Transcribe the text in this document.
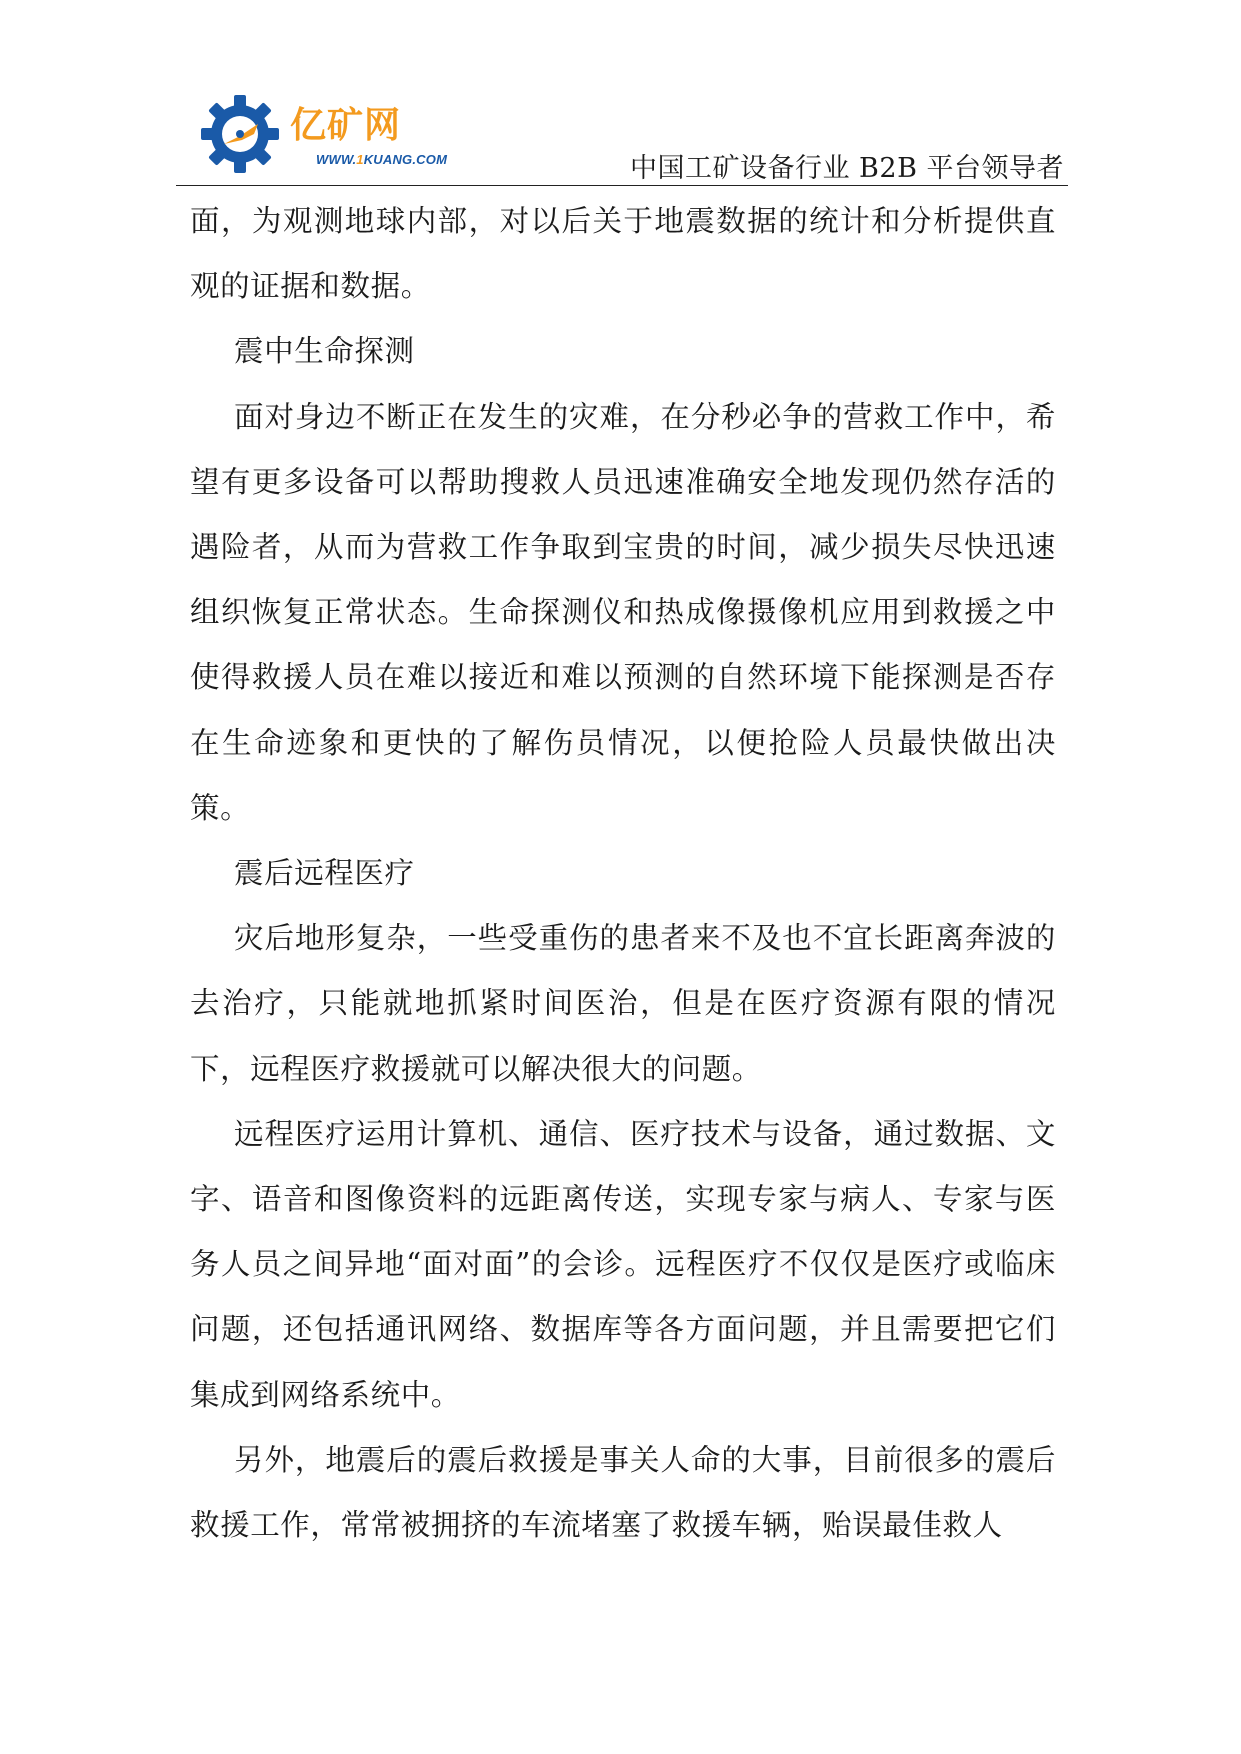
亿矿网
WWW.1KUANG.COM	中国工矿设备行业 B2B 平台领导者

面，为观测地球内部，对以后关于地震数据的统计和分析提供直观的证据和数据。

震中生命探测

面对身边不断正在发生的灾难，在分秒必争的营救工作中，希望有更多设备可以帮助搜救人员迅速准确安全地发现仍然存活的遇险者，从而为营救工作争取到宝贵的时间，减少损失尽快迅速组织恢复正常状态。生命探测仪和热成像摄像机应用到救援之中使得救援人员在难以接近和难以预测的自然环境下能探测是否存在生命迹象和更快的了解伤员情况，以便抢险人员最快做出决策。

震后远程医疗

灾后地形复杂，一些受重伤的患者来不及也不宜长距离奔波的去治疗，只能就地抓紧时间医治，但是在医疗资源有限的情况下，远程医疗救援就可以解决很大的问题。

远程医疗运用计算机、通信、医疗技术与设备，通过数据、文字、语音和图像资料的远距离传送，实现专家与病人、专家与医务人员之间异地“面对面”的会诊。远程医疗不仅仅是医疗或临床问题，还包括通讯网络、数据库等各方面问题，并且需要把它们集成到网络系统中。

另外，地震后的震后救援是事关人命的大事，目前很多的震后救援工作，常常被拥挤的车流堵塞了救援车辆，贻误最佳救人
